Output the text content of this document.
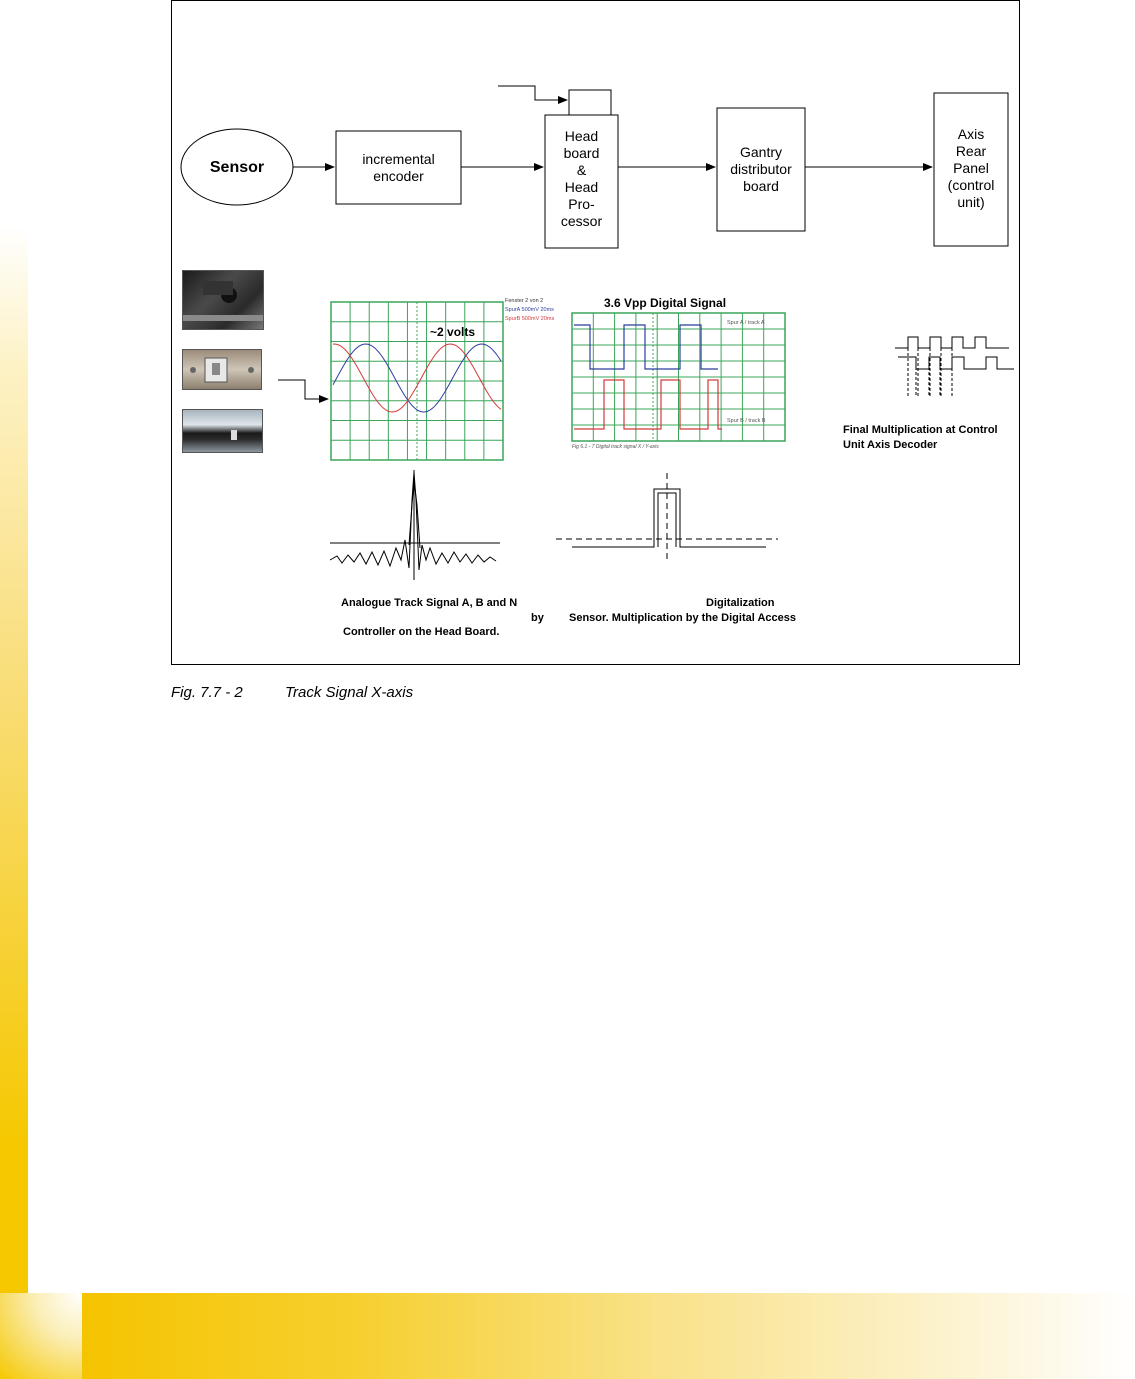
Sensor	incremental
encoder
Head
board
&
Head
Pro-
cessor
Gantry
distributor
board
Axis
Rear
Panel
(control
unit)
~2 volts
Fenster 2 von 2
SpurA 500mV 20ms
SpurB 500mV 20ms
3.6 Vpp Digital Signal
Spur A / track A
Spur B / track B
Fig 6.1 - 7 Digital track signal X / Y-axis
Final Multiplication at Control
Unit Axis Decoder
Analogue Track Signal A, B and N
by
Controller on the Head Board.
Digitalization
Sensor. Multiplication by the Digital Access
Fig. 7.7 - 2	Track Signal X-axis
